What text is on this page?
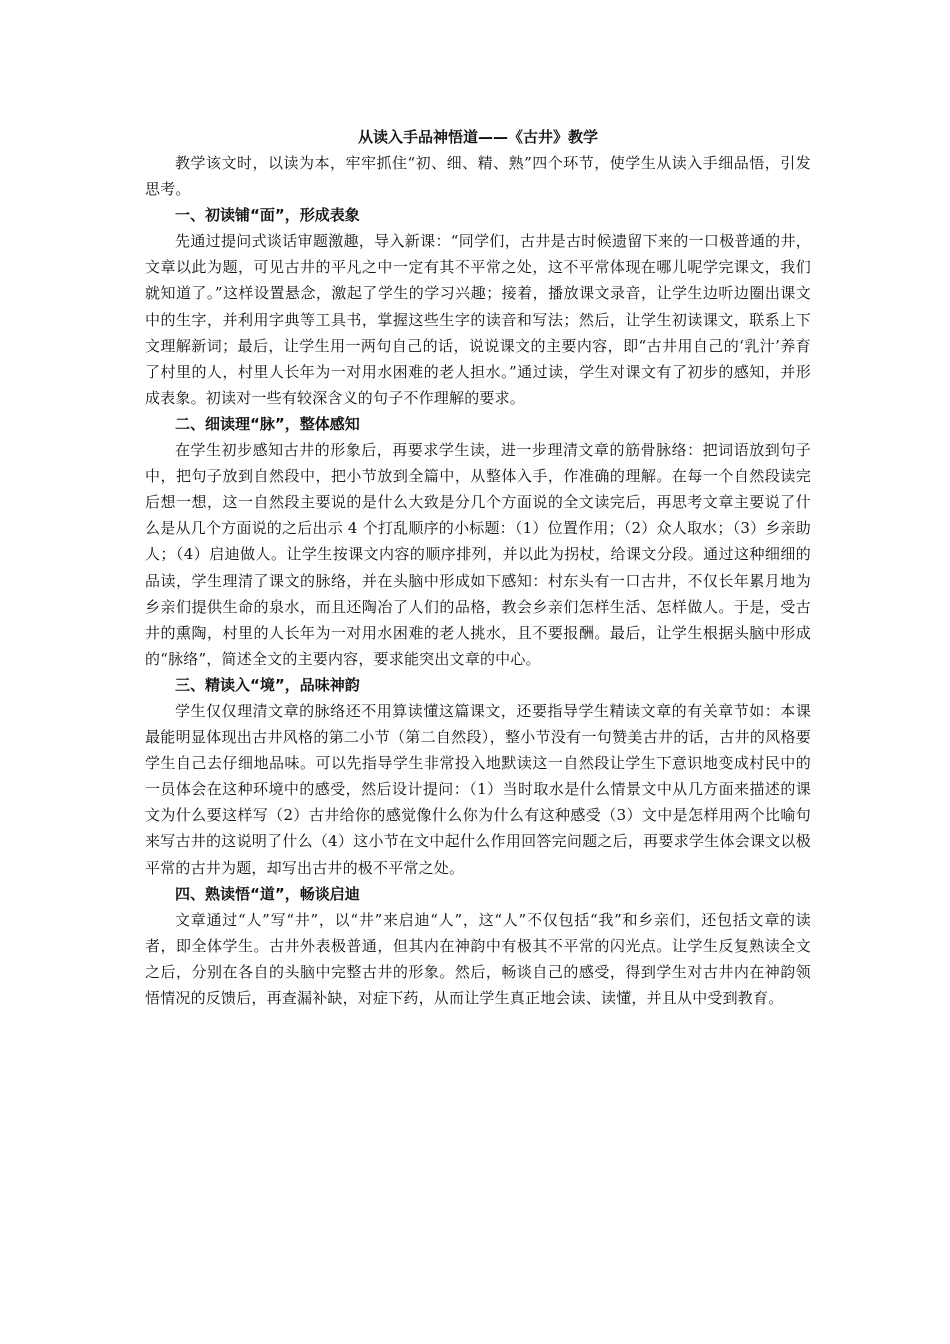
从读入手品神悟道——《古井》教学

教学该文时，以读为本，牢牢抓住“初、细、精、熟”四个环节，使学生从读入手细品悟，引发思考。

一、初读铺“面”，形成表象

先通过提问式谈话审题激趣，导入新课：“同学们，古井是古时候遗留下来的一口极普通的井，文章以此为题，可见古井的平凡之中一定有其不平常之处，这不平常体现在哪儿呢学完课文，我们就知道了。”这样设置悬念，激起了学生的学习兴趣；接着，播放课文录音，让学生边听边圈出课文中的生字，并利用字典等工具书，掌握这些生字的读音和写法；然后，让学生初读课文，联系上下文理解新词；最后，让学生用一两句自己的话，说说课文的主要内容，即“古井用自己的‘乳汁’养育了村里的人，村里人长年为一对用水困难的老人担水。”通过读，学生对课文有了初步的感知，并形成表象。初读对一些有较深含义的句子不作理解的要求。

二、细读理“脉”，整体感知

在学生初步感知古井的形象后，再要求学生读，进一步理清文章的筋骨脉络：把词语放到句子中，把句子放到自然段中，把小节放到全篇中，从整体入手，作准确的理解。在每一个自然段读完后想一想，这一自然段主要说的是什么大致是分几个方面说的全文读完后，再思考文章主要说了什么是从几个方面说的之后出示 4 个打乱顺序的小标题：（1）位置作用；（2）众人取水；（3）乡亲助人；（4）启迪做人。让学生按课文内容的顺序排列，并以此为拐杖，给课文分段。通过这种细细的品读，学生理清了课文的脉络，并在头脑中形成如下感知：村东头有一口古井，不仅长年累月地为乡亲们提供生命的泉水，而且还陶冶了人们的品格，教会乡亲们怎样生活、怎样做人。于是，受古井的熏陶，村里的人长年为一对用水困难的老人挑水，且不要报酬。最后，让学生根据头脑中形成的“脉络”，简述全文的主要内容，要求能突出文章的中心。

三、精读入“境”，品味神韵

学生仅仅理清文章的脉络还不用算读懂这篇课文，还要指导学生精读文章的有关章节如：本课最能明显体现出古井风格的第二小节（第二自然段），整小节没有一句赞美古井的话，古井的风格要学生自己去仔细地品味。可以先指导学生非常投入地默读这一自然段让学生下意识地变成村民中的一员体会在这种环境中的感受，然后设计提问：（1）当时取水是什么情景文中从几方面来描述的课文为什么要这样写（2）古井给你的感觉像什么你为什么有这种感受（3）文中是怎样用两个比喻句来写古井的这说明了什么（4）这小节在文中起什么作用回答完问题之后，再要求学生体会课文以极平常的古井为题，却写出古井的极不平常之处。

四、熟读悟“道”，畅谈启迪

文章通过“人”写“井”，以“井”来启迪“人”，这“人”不仅包括“我”和乡亲们，还包括文章的读者，即全体学生。古井外表极普通，但其内在神韵中有极其不平常的闪光点。让学生反复熟读全文之后，分别在各自的头脑中完整古井的形象。然后，畅谈自己的感受，得到学生对古井内在神韵领悟情况的反馈后，再查漏补缺，对症下药，从而让学生真正地会读、读懂，并且从中受到教育。
